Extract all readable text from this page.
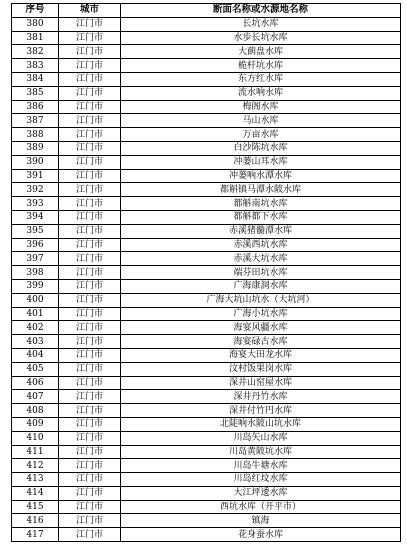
序号	城市	断面名称或水源地名称
380	江门市	长坑水库
381	江门市	水步长坑水库
382	江门市	大蓢盘水库
383	江门市	桅杆坑水库
384	江门市	东方红水库
385	江门市	流水响水库
386	江门市	梅阁水库
387	江门市	马山水库
388	江门市	万亩水库
389	江门市	白沙陈坑水库
390	江门市	冲蒌山耳水库
391	江门市	冲蒌响水潭水库
392	江门市	都斛镇马潭水陂水库
393	江门市	都斛南坑水库
394	江门市	都斛都下水库
395	江门市	赤溪猪髓潭水库
396	江门市	赤溪西坑水库
397	江门市	赤溪大坑水库
398	江门市	端芬田坑水库
399	江门市	广海康洞水库
400	江门市	广海大坑山坑水（大坑河）
401	江门市	广海小坑水库
402	江门市	海宴风疆水库
403	江门市	海宴碌古水库
404	江门市	海宴大田龙水库
405	江门市	汶村饭果岗水库
406	江门市	深井山窑屋水库
407	江门市	深井丹竹水库
408	江门市	深井付竹円水库
409	江门市	北陡响水陂山坑水库
410	江门市	川岛矢山水库
411	江门市	川岛黄陂坑水库
412	江门市	川岛牛塘水库
413	江门市	川岛红坟水库
414	江门市	大江坪逶水库
415	江门市	西坑水库（开平市）
416	江门市	镇海
417	江门市	花身蚕水库
